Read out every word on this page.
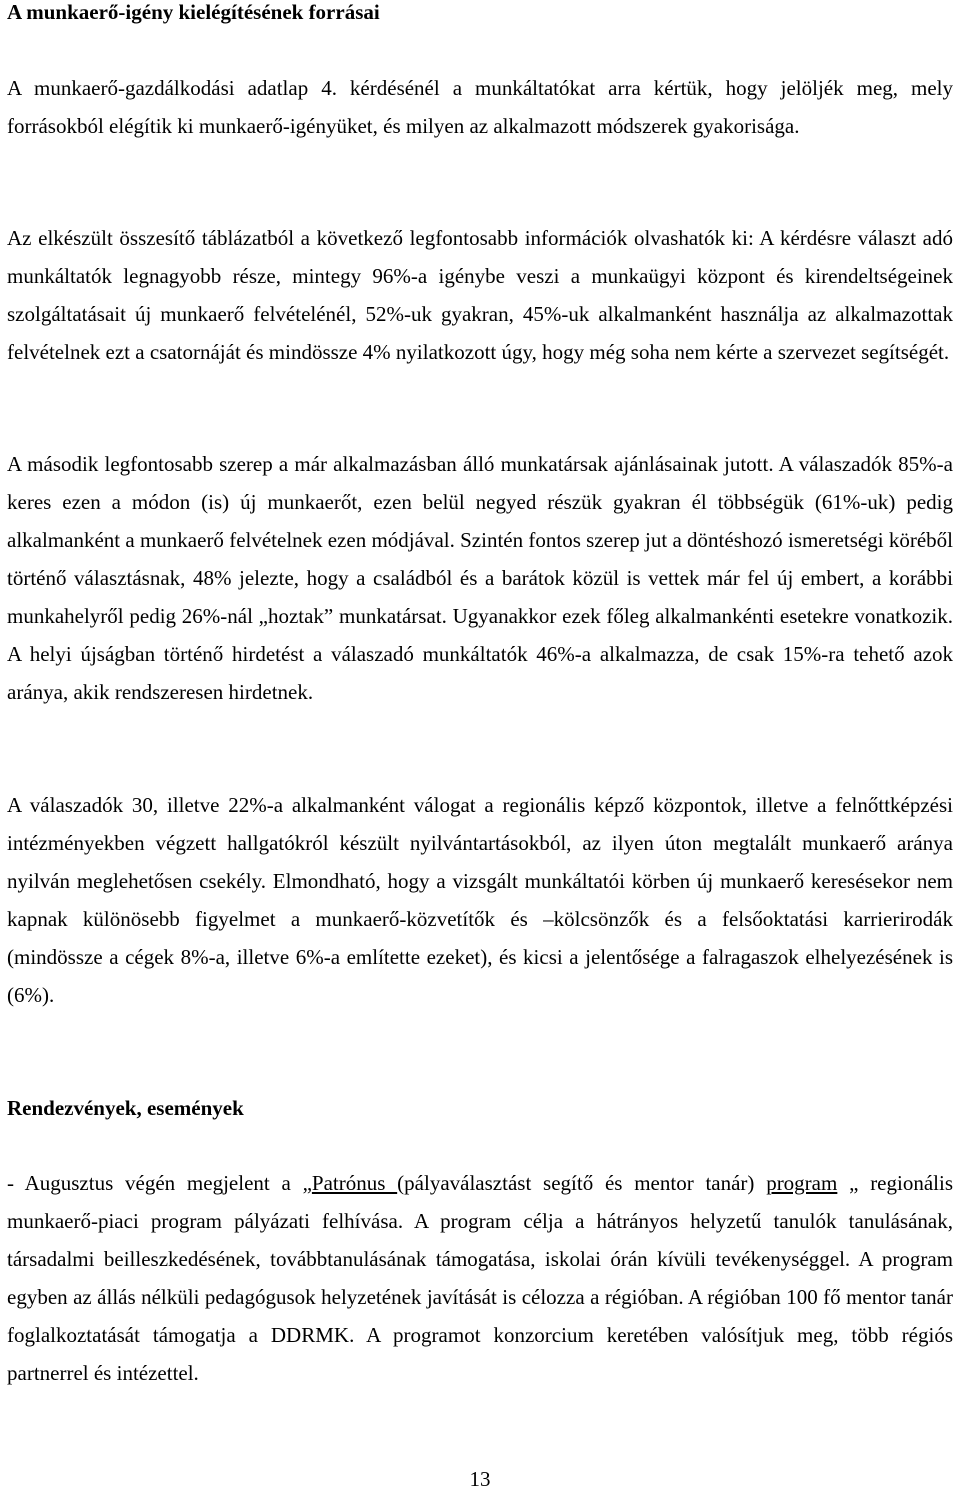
A munkaerő-igény kielégítésének forrásai

A munkaerő-gazdálkodási adatlap 4. kérdésénél a munkáltatókat arra kértük, hogy jelöljék meg, mely forrásokból elégítik ki munkaerő-igényüket, és milyen az alkalmazott módszerek gyakorisága.

Az elkészült összesítő táblázatból a következő legfontosabb információk olvashatók ki: A kérdésre választ adó munkáltatók legnagyobb része, mintegy 96%-a igénybe veszi a munkaügyi központ és kirendeltségeinek szolgáltatásait új munkaerő felvételénél, 52%-uk gyakran, 45%-uk alkalmanként használja az alkalmazottak felvételnek ezt a csatornáját és mindössze 4% nyilatkozott úgy, hogy még soha nem kérte a szervezet segítségét.

A második legfontosabb szerep a már alkalmazásban álló munkatársak ajánlásainak jutott. A válaszadók 85%-a keres ezen a módon (is) új munkaerőt, ezen belül negyed részük gyakran él többségük (61%-uk) pedig alkalmanként a munkaerő felvételnek ezen módjával. Szintén fontos szerep jut a döntéshozó ismeretségi köréből történő választásnak, 48% jelezte, hogy a családból és a barátok közül is vettek már fel új embert, a korábbi munkahelyről pedig 26%-nál „hoztak” munkatársat. Ugyanakkor ezek főleg alkalmankénti esetekre vonatkozik. A helyi újságban történő hirdetést a válaszadó munkáltatók 46%-a alkalmazza, de csak 15%-ra tehető azok aránya, akik rendszeresen hirdetnek.

A válaszadók 30, illetve 22%-a alkalmanként válogat a regionális képző központok, illetve a felnőttképzési intézményekben végzett hallgatókról készült nyilvántartásokból, az ilyen úton megtalált munkaerő aránya nyilván meglehetősen csekély. Elmondható, hogy a vizsgált munkáltatói körben új munkaerő keresésekor nem kapnak különösebb figyelmet a munkaerő-közvetítők és –kölcsönzők és a felsőoktatási karrierirodák (mindössze a cégek 8%-a, illetve 6%-a említette ezeket), és kicsi a jelentősége a falragaszok elhelyezésének is (6%).

Rendezvények, események

- Augusztus végén megjelent a „Patrónus (pályaválasztást segítő és mentor tanár) program „ regionális munkaerő-piaci program pályázati felhívása. A program célja a hátrányos helyzetű tanulók tanulásának, társadalmi beilleszkedésének, továbbtanulásának támogatása, iskolai órán kívüli tevékenységgel. A program egyben az állás nélküli pedagógusok helyzetének javítását is célozza a régióban. A régióban 100 fő mentor tanár foglalkoztatását támogatja a DDRMK. A programot konzorcium keretében valósítjuk meg, több régiós partnerrel és intézettel.

13
